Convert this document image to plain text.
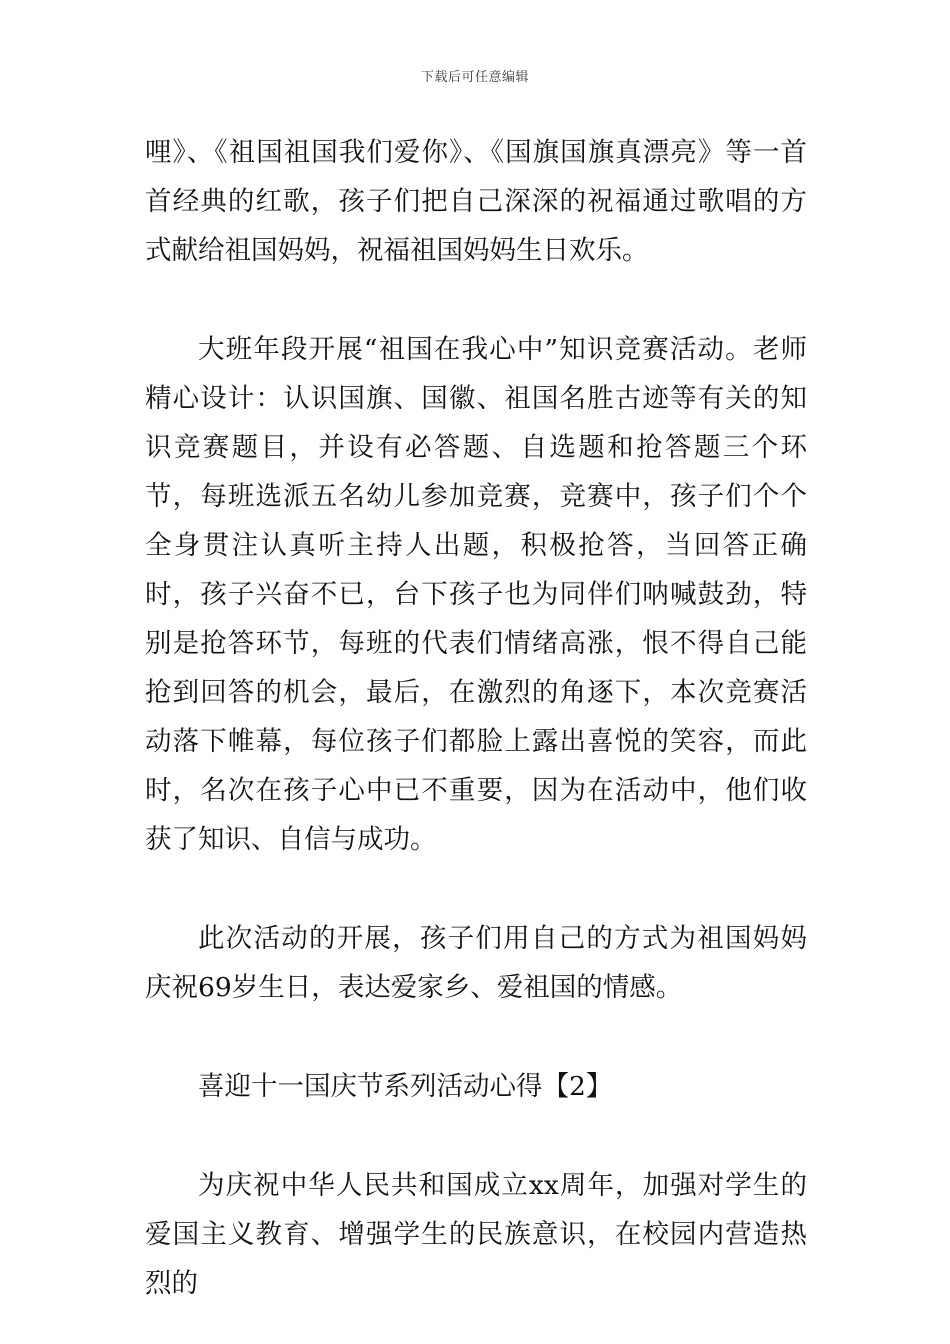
下载后可任意编辑

哩》、《祖国祖国我们爱你》、《国旗国旗真漂亮》等一首首经典的红歌，孩子们把自己深深的祝福通过歌唱的方式献给祖国妈妈，祝福祖国妈妈生日欢乐。

大班年段开展“祖国在我心中”知识竞赛活动。老师精心设计：认识国旗、国徽、祖国名胜古迹等有关的知识竞赛题目，并设有必答题、自选题和抢答题三个环节，每班选派五名幼儿参加竞赛，竞赛中，孩子们个个全身贯注认真听主持人出题，积极抢答，当回答正确时，孩子兴奋不已，台下孩子也为同伴们呐喊鼓劲，特别是抢答环节，每班的代表们情绪高涨，恨不得自己能抢到回答的机会，最后，在激烈的角逐下，本次竞赛活动落下帷幕，每位孩子们都脸上露出喜悦的笑容，而此时，名次在孩子心中已不重要，因为在活动中，他们收获了知识、自信与成功。

此次活动的开展，孩子们用自己的方式为祖国妈妈庆祝69岁生日，表达爱家乡、爱祖国的情感。

喜迎十一国庆节系列活动心得【2】

为庆祝中华人民共和国成立xx周年，加强对学生的爱国主义教育、增强学生的民族意识，在校园内营造热烈的
